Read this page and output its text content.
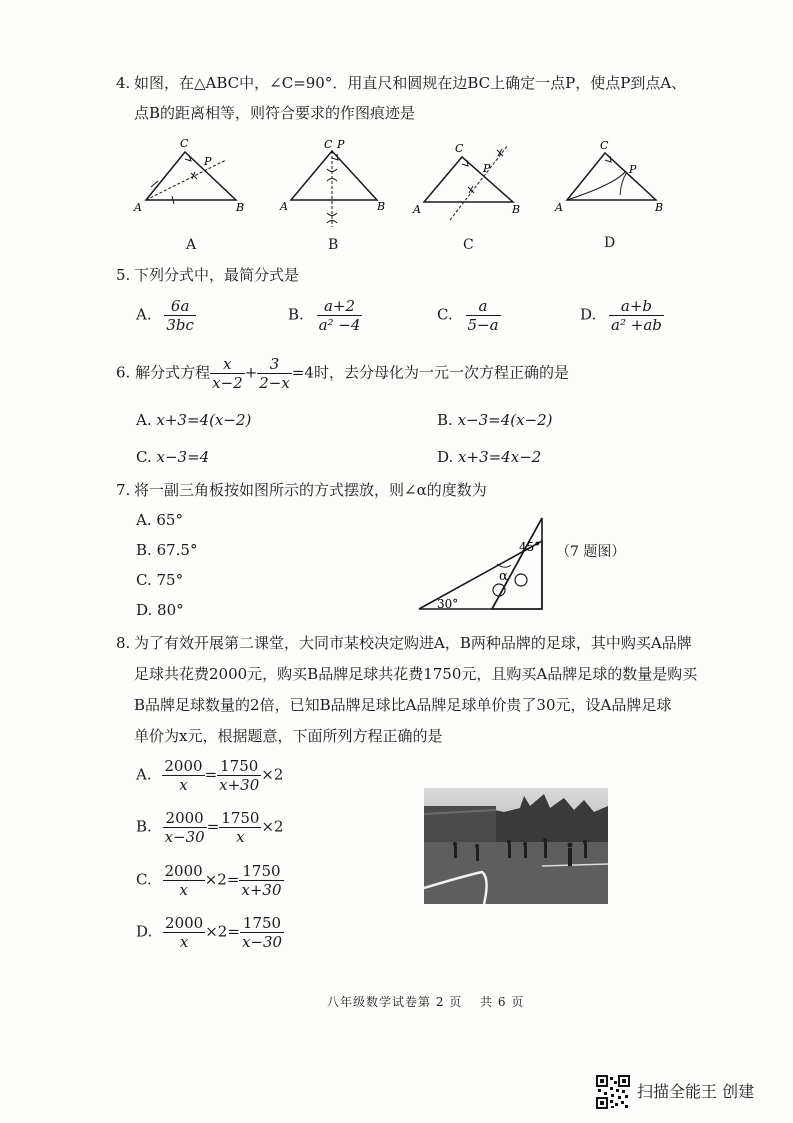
4. 如图，在△ABC中，∠C=90°．用直尺和圆规在边BC上确定一点P，使点P到点A、
点B的距离相等，则符合要求的作图痕迹是
C
P
A	B
C P
A	B
C
P
A	B
C
P
A	B
A	B	C	D
5. 下列分式中，最简分式是
A. $\frac{6a}{3bc}$	B. $\frac{a+2}{\text{a² −4}}$	C. $\frac{a}{5-a}$	D. $\frac{a+b}{\text{a² +ab}}$
6. 解分式方程 $\frac{x}{x-2} + \frac{3}{2-x} =4$时，去分母化为一元一次方程正确的是
A. x+3=4(x−2)	B. x−3=4(x−2)
C. x−3=4	D. x+3=4x−2
7. 将一副三角板按如图所示的方式摆放，则∠α的度数为
A. 65°
B. 67.5°
C. 75°
D. 80°
45°
α
30°
（7 题图）
8. 为了有效开展第二课堂，大同市某校决定购进A，B两种品牌的足球，其中购买A品牌
足球共花费2000元，购买B品牌足球共花费1750元，且购买A品牌足球的数量是购买
B品牌足球数量的2倍，已知B品牌足球比A品牌足球单价贵了30元，设A品牌足球
单价为x元，根据题意，下面所列方程正确的是
A. $\frac{2000}{x} = \frac{1750}{x+30} \times 2$
B. $\frac{2000}{x-30} = \frac{1750}{x} \times 2$
C. $\frac{2000}{x} \times 2= \frac{1750}{x+30}$
D. $\frac{2000}{x} \times 2= \frac{1750}{x-30}$
八年级数学试卷第 2 页　 共 6 页
扫描全能王 创建
